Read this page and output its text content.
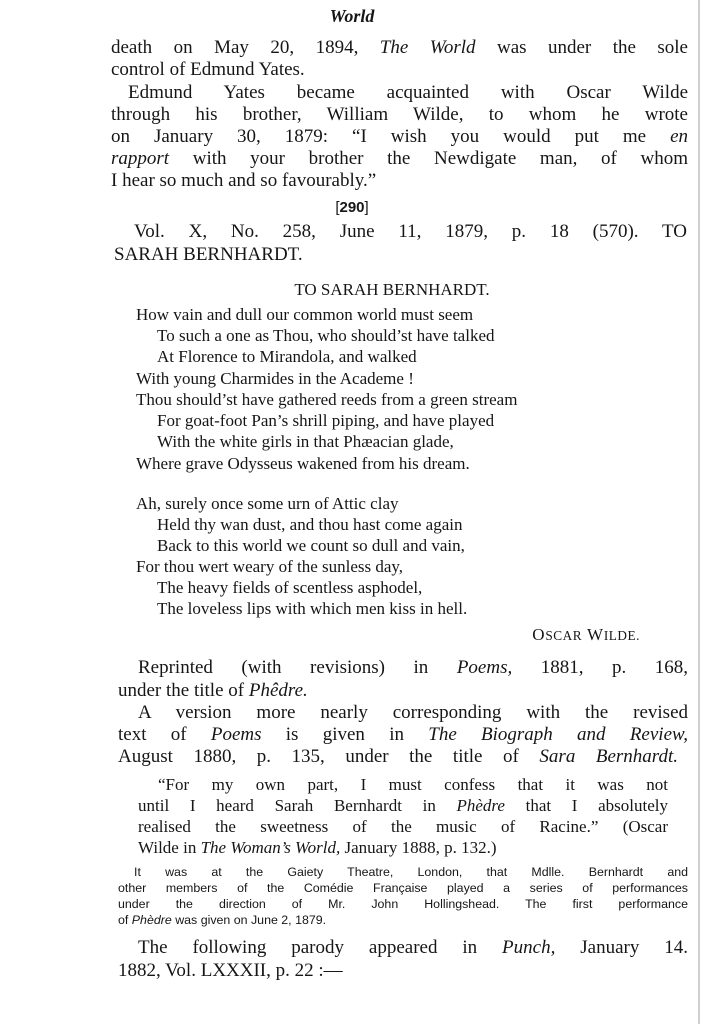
World
death on May 20, 1894, The World was under the sole
control of Edmund Yates.
Edmund Yates became acquainted with Oscar Wilde
through his brother, William Wilde, to whom he wrote
on January 30, 1879: “I wish you would put me en
rapport with your brother the Newdigate man, of whom
I hear so much and so favourably.”
[290]
Vol. X, No. 258, June 11, 1879, p. 18 (570). TO
SARAH BERNHARDT.
TO SARAH BERNHARDT.
How vain and dull our common world must seem
To such a one as Thou, who should’st have talked
At Florence to Mirandola, and walked
With young Charmides in the Academe !
Thou should’st have gathered reeds from a green stream
For goat-foot Pan’s shrill piping, and have played
With the white girls in that Phæacian glade,
Where grave Odysseus wakened from his dream.
Ah, surely once some urn of Attic clay
Held thy wan dust, and thou hast come again
Back to this world we count so dull and vain,
For thou wert weary of the sunless day,
The heavy fields of scentless asphodel,
The loveless lips with which men kiss in hell.
OSCAR WILDE.
Reprinted (with revisions) in Poems, 1881, p. 168,
under the title of Phêdre.
A version more nearly corresponding with the revised
text of Poems is given in The Biograph and Review,
August 1880, p. 135, under the title of Sara Bernhardt.
“For my own part, I must confess that it was not
until I heard Sarah Bernhardt in Phèdre that I absolutely
realised the sweetness of the music of Racine.” (Oscar
Wilde in The Woman’s World, January 1888, p. 132.)
It was at the Gaiety Theatre, London, that Mdlle. Bernhardt and
other members of the Comédie Française played a series of performances
under the direction of Mr. John Hollingshead. The first performance
of Phèdre was given on June 2, 1879.
The following parody appeared in Punch, January 14.
1882, Vol. LXXXII, p. 22 :—
